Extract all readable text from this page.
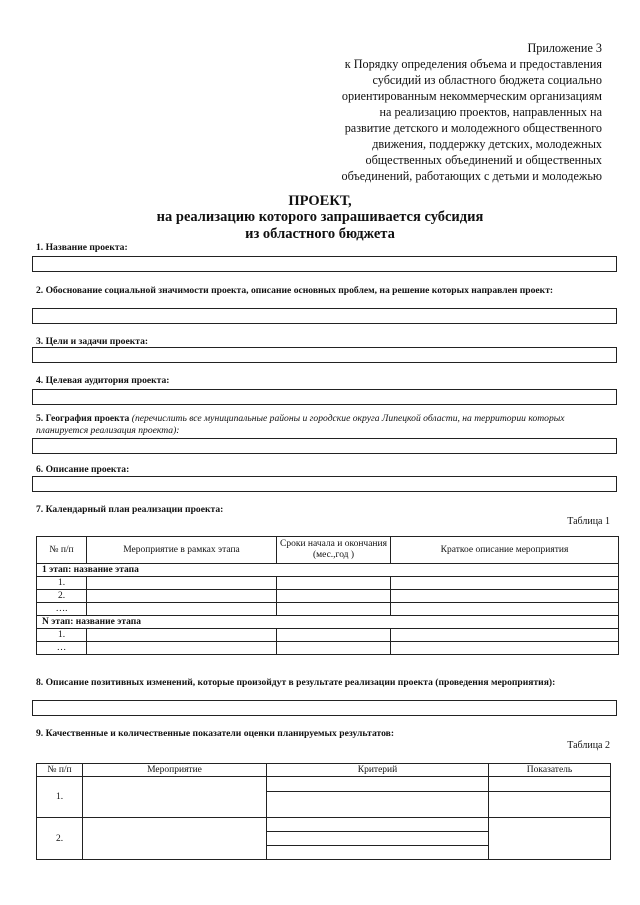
Приложение 3
к Порядку определения объема и предоставления
субсидий из областного бюджета социально
ориентированным некоммерческим организациям
на реализацию проектов, направленных на
развитие детского и молодежного общественного
движения, поддержку детских, молодежных
общественных объединений и общественных
объединений, работающих с детьми и молодежью
ПРОЕКТ,
на реализацию которого запрашивается субсидия
из областного бюджета
1. Название проекта:
2. Обоснование социальной значимости проекта, описание основных проблем, на решение которых направлен проект:
3. Цели и задачи проекта:
4. Целевая аудитория проекта:
5. География проекта (перечислить все муниципальные районы и городские округа Липецкой области, на территории которых планируется реализация проекта):
6. Описание проекта:
7. Календарный план реализации проекта:
Таблица 1
№ п/п	Мероприятие в рамках этапа	Сроки начала и окончания (мес.,год )	Краткое описание мероприятия
1 этап: название этапа			
1.			
2.			
….			
N этап: название этапа			
1.			
…			
8. Описание позитивных изменений, которые произойдут в результате реализации проекта (проведения мероприятия):
9. Качественные и количественные показатели оценки планируемых результатов:
Таблица 2
№ п/п	Мероприятие	Критерий	Показатель
1.			

2.			
